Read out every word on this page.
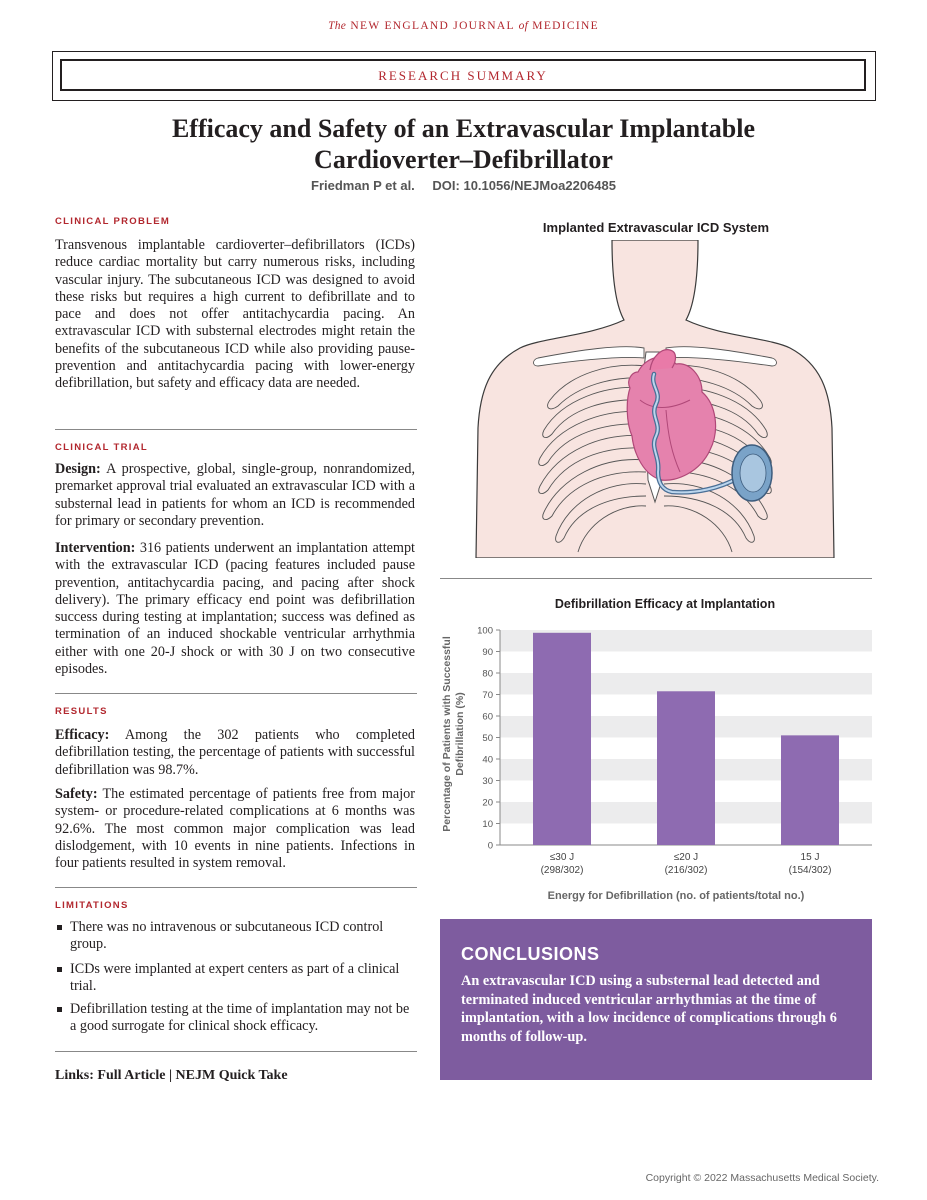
The NEW ENGLAND JOURNAL of MEDICINE
RESEARCH SUMMARY
Efficacy and Safety of an Extravascular Implantable
Cardioverter–Defibrillator
Friedman P et al. DOI: 10.1056/NEJMoa2206485
CLINICAL PROBLEM

Transvenous implantable cardioverter–defibrillators (ICDs) reduce cardiac mortality but carry numerous risks, including vascular injury. The subcutaneous ICD was designed to avoid these risks but requires a high current to defibrillate and to pace and does not offer antitachycardia pacing. An extravascular ICD with substernal electrodes might retain the benefits of the subcutaneous ICD while also providing pause-prevention and antitachycardia pacing with lower-energy defibrillation, but safety and efficacy data are needed.

CLINICAL TRIAL

Design: A prospective, global, single-group, nonrandomized, premarket approval trial evaluated an extravascular ICD with a substernal lead in patients for whom an ICD is recommended for primary or secondary prevention.

Intervention: 316 patients underwent an implantation attempt with the extravascular ICD (pacing features included pause prevention, antitachycardia pacing, and pacing after shock delivery). The primary efficacy end point was defibrillation success during testing at implantation; success was defined as termination of an induced shockable ventricular arrhythmia either with one 20-J shock or with 30 J on two consecutive episodes.

RESULTS

Efficacy: Among the 302 patients who completed defibrillation testing, the percentage of patients with successful defibrillation was 98.7%.

Safety: The estimated percentage of patients free from major system- or procedure-related complications at 6 months was 92.6%. The most common major complication was lead dislodgement, with 10 events in nine patients. Infections in four patients resulted in system removal.

LIMITATIONS

There was no intravenous or subcutaneous ICD control group.

ICDs were implanted at expert centers as part of a clinical trial.

Defibrillation testing at the time of implantation may not be a good surrogate for clinical shock efficacy.

Links: Full Article | NEJM Quick Take
Implanted Extravascular ICD System
Defibrillation Efficacy at Implantation
0
10
20
30
40
50
60
70
80
90
100
≤30 J
(298/302)
≤20 J
(216/302)
15 J
(154/302)
Percentage of Patients with Successful Defibrillation (%)
Energy for Defibrillation (no. of patients/total no.)
CONCLUSIONS
An extravascular ICD using a substernal lead detected and terminated induced ventricular arrhythmias at the time of implantation, with a low incidence of complications through 6 months of follow-up.
Copyright © 2022 Massachusetts Medical Society.
